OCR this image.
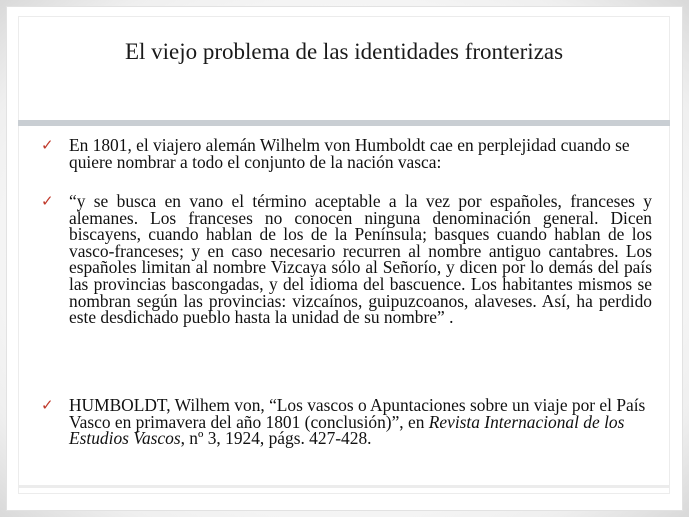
El viejo problema de las identidades fronterizas
✓ En 1801, el viajero alemán Wilhelm von Humboldt cae en perplejidad cuando se quiere nombrar a todo el conjunto de la nación vasca:
✓ “y se busca en vano el término aceptable a la vez por españoles, franceses y alemanes. Los franceses no conocen ninguna denominación general. Dicen biscayens, cuando hablan de los de la Península; basques cuando hablan de los vasco-franceses; y en caso necesario recurren al nombre antiguo cantabres. Los españoles limitan al nombre Vizcaya sólo al Señorío, y dicen por lo demás del país las provincias bascongadas, y del idioma del bascuence. Los habitantes mismos se nombran según las provincias: vizcaínos, guipuzcoanos, alaveses. Así, ha perdido este desdichado pueblo hasta la unidad de su nombre” .
✓ HUMBOLDT, Wilhem von, “Los vascos o Apuntaciones sobre un viaje por el País Vasco en primavera del año 1801 (conclusión)”, en Revista Internacional de los Estudios Vascos, nº 3, 1924, págs. 427-428.
